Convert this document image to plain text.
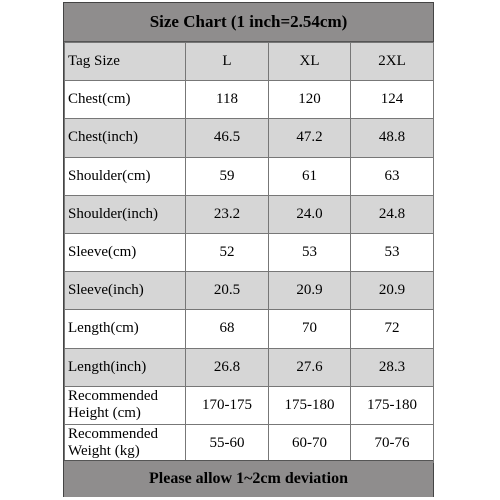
Size Chart (1 inch=2.54cm)
Tag Size	L	XL	2XL
Chest(cm)	118	120	124
Chest(inch)	46.5	47.2	48.8
Shoulder(cm)	59	61	63
Shoulder(inch)	23.2	24.0	24.8
Sleeve(cm)	52	53	53
Sleeve(inch)	20.5	20.9	20.9
Length(cm)	68	70	72
Length(inch)	26.8	27.6	28.3
Recommended Height (cm)	170-175	175-180	175-180
Recommended Weight (kg)	55-60	60-70	70-76
Please allow 1~2cm deviation
